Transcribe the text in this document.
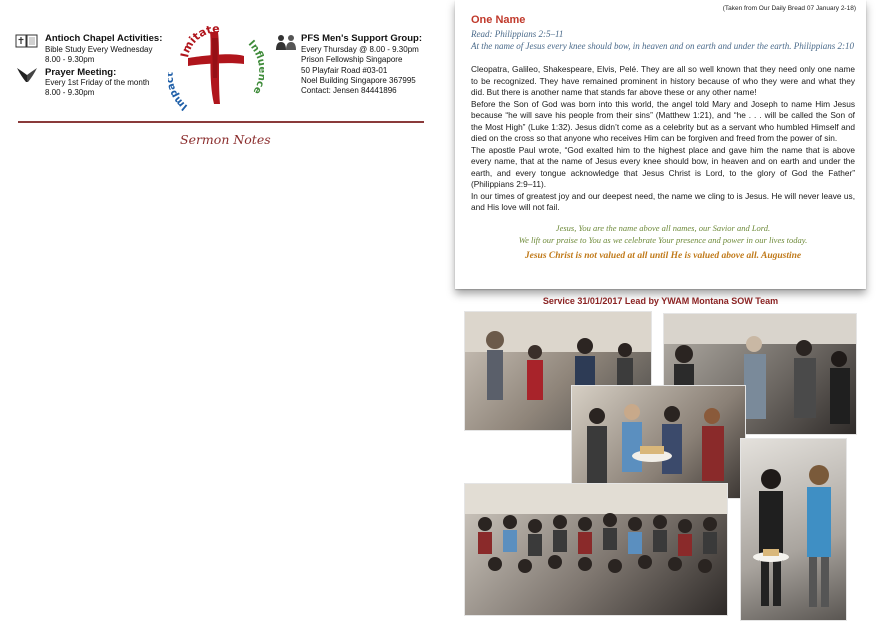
Antioch Chapel Activities:
Bible Study Every Wednesday
8.00 - 9.30pm
Prayer Meeting:
Every 1st Friday of the month
8.00 - 9.30pm
Imitate
Influence
Imp
PFS Men's Support Group:
Every Thursday @ 8.00 - 9.30pm
Prison Fellowship Singapore
50 Playfair Road #03-01
Noel Building Singapore 367995
Contact: Jensen 84441896
Sermon Notes
(Taken from Our Daily Bread 07 January 2-18)
One Name
Read: Philippians 2:5–11
At the name of Jesus every knee should bow, in heaven and on earth and under the earth. Philippians 2:10

Cleopatra, Galileo, Shakespeare, Elvis, Pelé. They are all so well known that they need only one name to be recognized. They have remained prominent in history because of who they were and what they did. But there is another name that stands far above these or any other name!

Before the Son of God was born into this world, the angel told Mary and Joseph to name Him Jesus because “he will save his people from their sins” (Matthew 1:21), and “he . . . will be called the Son of the Most High” (Luke 1:32). Jesus didn’t come as a celebrity but as a servant who humbled Himself and died on the cross so that anyone who receives Him can be forgiven and freed from the power of sin.

The apostle Paul wrote, “God exalted him to the highest place and gave him the name that is above every name, that at the name of Jesus every knee should bow, in heaven and on earth and under the earth, and every tongue acknowledge that Jesus Christ is Lord, to the glory of God the Father” (Philippians 2:9–11).

In our times of greatest joy and our deepest need, the name we cling to is Jesus. He will never leave us, and His love will not fail.

Jesus, You are the name above all names, our Savior and Lord.
We lift our praise to You as we celebrate Your presence and power in our lives today.
Jesus Christ is not valued at all until He is valued above all. Augustine
Service 31/01/2017 Lead by YWAM Montana SOW Team
